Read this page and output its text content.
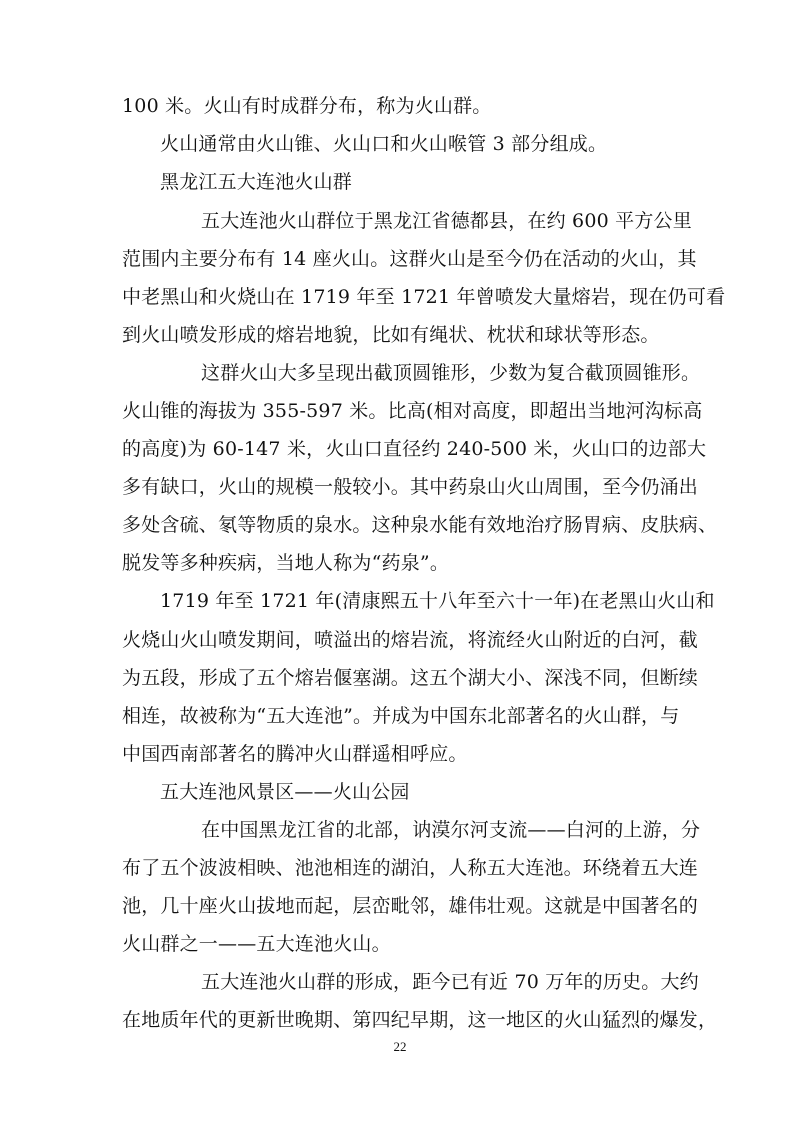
100 米。火山有时成群分布，称为火山群。
火山通常由火山锥、火山口和火山喉管 3 部分组成。
黑龙江五大连池火山群
五大连池火山群位于黑龙江省德都县，在约 600 平方公里
范围内主要分布有 14 座火山。这群火山是至今仍在活动的火山，其
中老黑山和火烧山在 1719 年至 1721 年曾喷发大量熔岩，现在仍可看
到火山喷发形成的熔岩地貌，比如有绳状、枕状和球状等形态。
这群火山大多呈现出截顶圆锥形，少数为复合截顶圆锥形。
火山锥的海拔为 355-597 米。比高(相对高度，即超出当地河沟标高
的高度)为 60-147 米，火山口直径约 240-500 米，火山口的边部大
多有缺口，火山的规模一般较小。其中药泉山火山周围，至今仍涌出
多处含硫、氡等物质的泉水。这种泉水能有效地治疗肠胃病、皮肤病、
脱发等多种疾病，当地人称为“药泉”。
1719 年至 1721 年(清康熙五十八年至六十一年)在老黑山火山和
火烧山火山喷发期间，喷溢出的熔岩流，将流经火山附近的白河，截
为五段，形成了五个熔岩偃塞湖。这五个湖大小、深浅不同，但断续
相连，故被称为“五大连池”。并成为中国东北部著名的火山群，与
中国西南部著名的腾冲火山群遥相呼应。
五大连池风景区——火山公园
在中国黑龙江省的北部，讷漠尔河支流——白河的上游，分
布了五个波波相映、池池相连的湖泊，人称五大连池。环绕着五大连
池，几十座火山拔地而起，层峦毗邻，雄伟壮观。这就是中国著名的
火山群之一——五大连池火山。
五大连池火山群的形成，距今已有近 70 万年的历史。大约
在地质年代的更新世晚期、第四纪早期，这一地区的火山猛烈的爆发，
22
